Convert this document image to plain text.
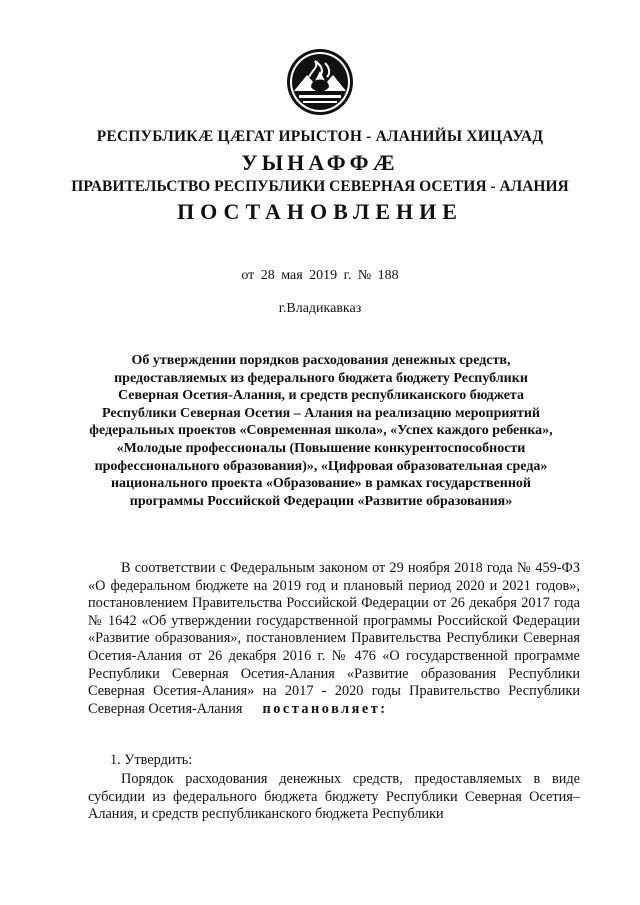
РЕСПУБЛИКÆ ЦÆГАТ ИРЫСТОН - АЛАНИЙЫ ХИЦАУАД
УЫНАФФÆ
ПРАВИТЕЛЬСТВО РЕСПУБЛИКИ СЕВЕРНАЯ ОСЕТИЯ - АЛАНИЯ
ПОСТАНОВЛЕНИЕ
от 28 мая 2019 г. № 188
г.Владикавказ
Об утверждении порядков расходования денежных средств, предоставляемых из федерального бюджета бюджету Республики Северная Осетия-Алания, и средств республиканского бюджета Республики Северная Осетия – Алания на реализацию мероприятий федеральных проектов «Современная школа», «Успех каждого ребенка», «Молодые профессионалы (Повышение конкурентоспособности профессионального образования)», «Цифровая образовательная среда» национального проекта «Образование» в рамках государственной программы Российской Федерации «Развитие образования»
В соответствии с Федеральным законом от 29 ноября 2018 года № 459-ФЗ «О федеральном бюджете на 2019 год и плановый период 2020 и 2021 годов», постановлением Правительства Российской Федерации от 26 декабря 2017 года № 1642 «Об утверждении государственной программы Российской Федерации «Развитие образования», постановлением Правительства Республики Северная Осетия-Алания от 26 декабря 2016 г. № 476 «О государственной программе Республики Северная Осетия-Алания «Развитие образования Республики Северная Осетия-Алания» на 2017 - 2020 годы Правительство Республики Северная Осетия-Алания постановляет:
1. Утвердить:
Порядок расходования денежных средств, предоставляемых в виде субсидии из федерального бюджета бюджету Республики Северная Осетия–Алания, и средств республиканского бюджета Республики
